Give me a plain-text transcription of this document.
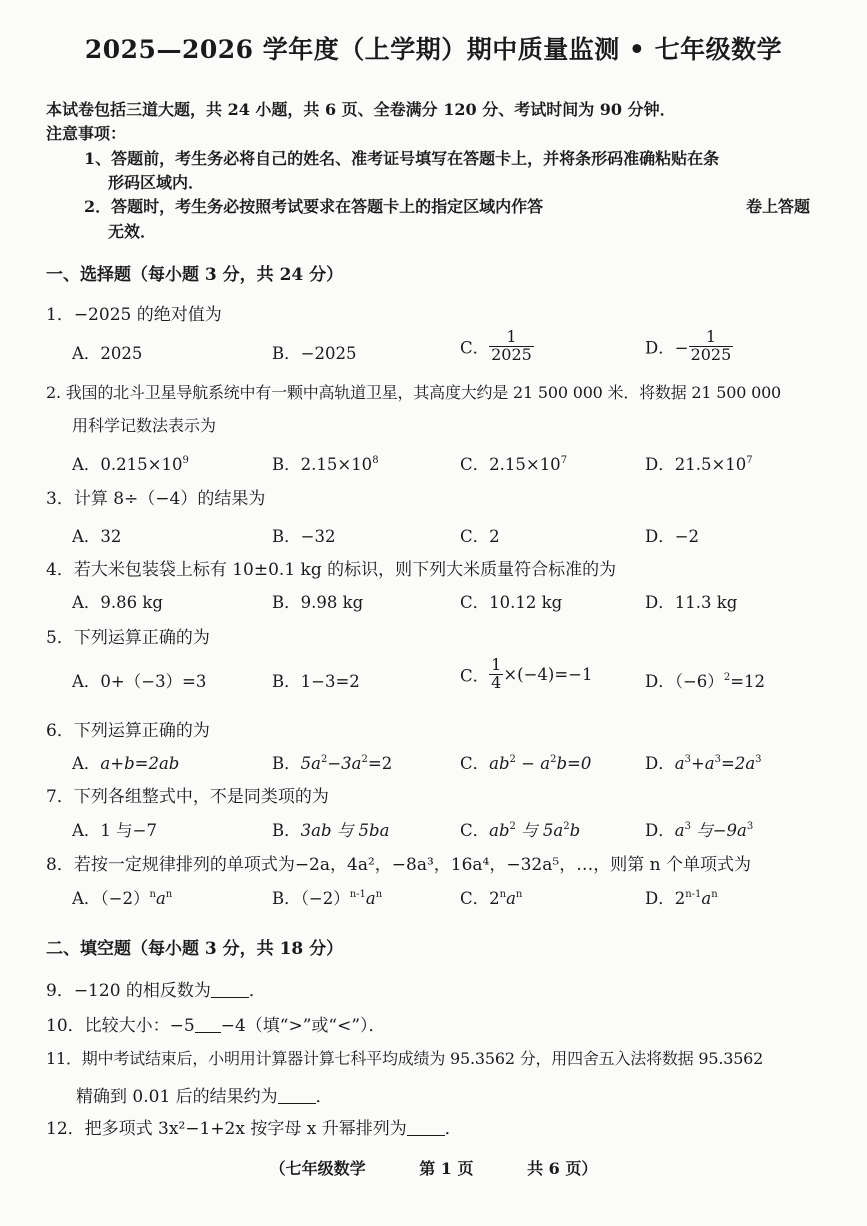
2025—2026 学年度（上学期）期中质量监测 • 七年级数学
本试卷包括三道大题，共 24 小题，共 6 页、全卷满分 120 分、考试时间为 90 分钟．
注意事项：
1、答题前，考生务必将自己的姓名、准考证号填写在答题卡上，并将条形码准确粘贴在条
形码区域内．
2．答题时，考生务必按照考试要求在答题卡上的指定区域内作答	卷上答题
无效．
一、选择题（每小题 3 分，共 24 分）
1．−2025 的绝对值为
A．2025	B．−2025	C． $\frac{1}{2025}$	D．− $\frac{1}{2025}$
2. 我国的北斗卫星导航系统中有一颗中高轨道卫星，其高度大约是 21 500 000 米．将数据 21 500 000
用科学记数法表示为
A．$0.215\times 10^9$	B．$2.15\times 10^8$	C．$2.15\times 10^7$	D．$21.5\times 10^7$
3．计算 8÷（−4）的结果为
A．32	B．−32	C．2	D．−2
4．若大米包装袋上标有 10±0.1 kg 的标识，则下列大米质量符合标准的为
A．9.86 kg	B．9.98 kg	C．10.12 kg	D．11.3 kg
5．下列运算正确的为
A．0+（−3）=3	B．1−3=2	C． $\frac{1}{4} \times(-4)=-1$	D．$(-6)^2=12$
6．下列运算正确的为
A．a+b=2ab	B．$5a^2-3a^2=2$	C．$ab^2 - a^2b=0$	D．$a^3+a^3=2a^3$
7．下列各组整式中，不是同类项的为
A．1 与−7	B．3ab 与 5ba	C．$ab^2$ 与 $5a^2b$	D．$a^3$ 与$-9a^3$
8．若按一定规律排列的单项式为−2a，4a²，−8a³，16a⁴，−32a⁵，…，则第 n 个单项式为
A．$(-2)^na^n$	B．$(-2)^{n-1}a^n$	C．$2^na^n$	D．$2^{n-1}a^n$
二、填空题（每小题 3 分，共 18 分）
9．−120 的相反数为 ．
10．比较大小：−5 −4（填“>”或“<”）．
11．期中考试结束后，小明用计算器计算七科平均成绩为 95.3562 分，用四舍五入法将数据 95.3562
精确到 0.01 后的结果约为 ．
12．把多项式 3x²−1+2x 按字母 x 升幂排列为 ．
（七年级数学	第 1 页	共 6 页）
